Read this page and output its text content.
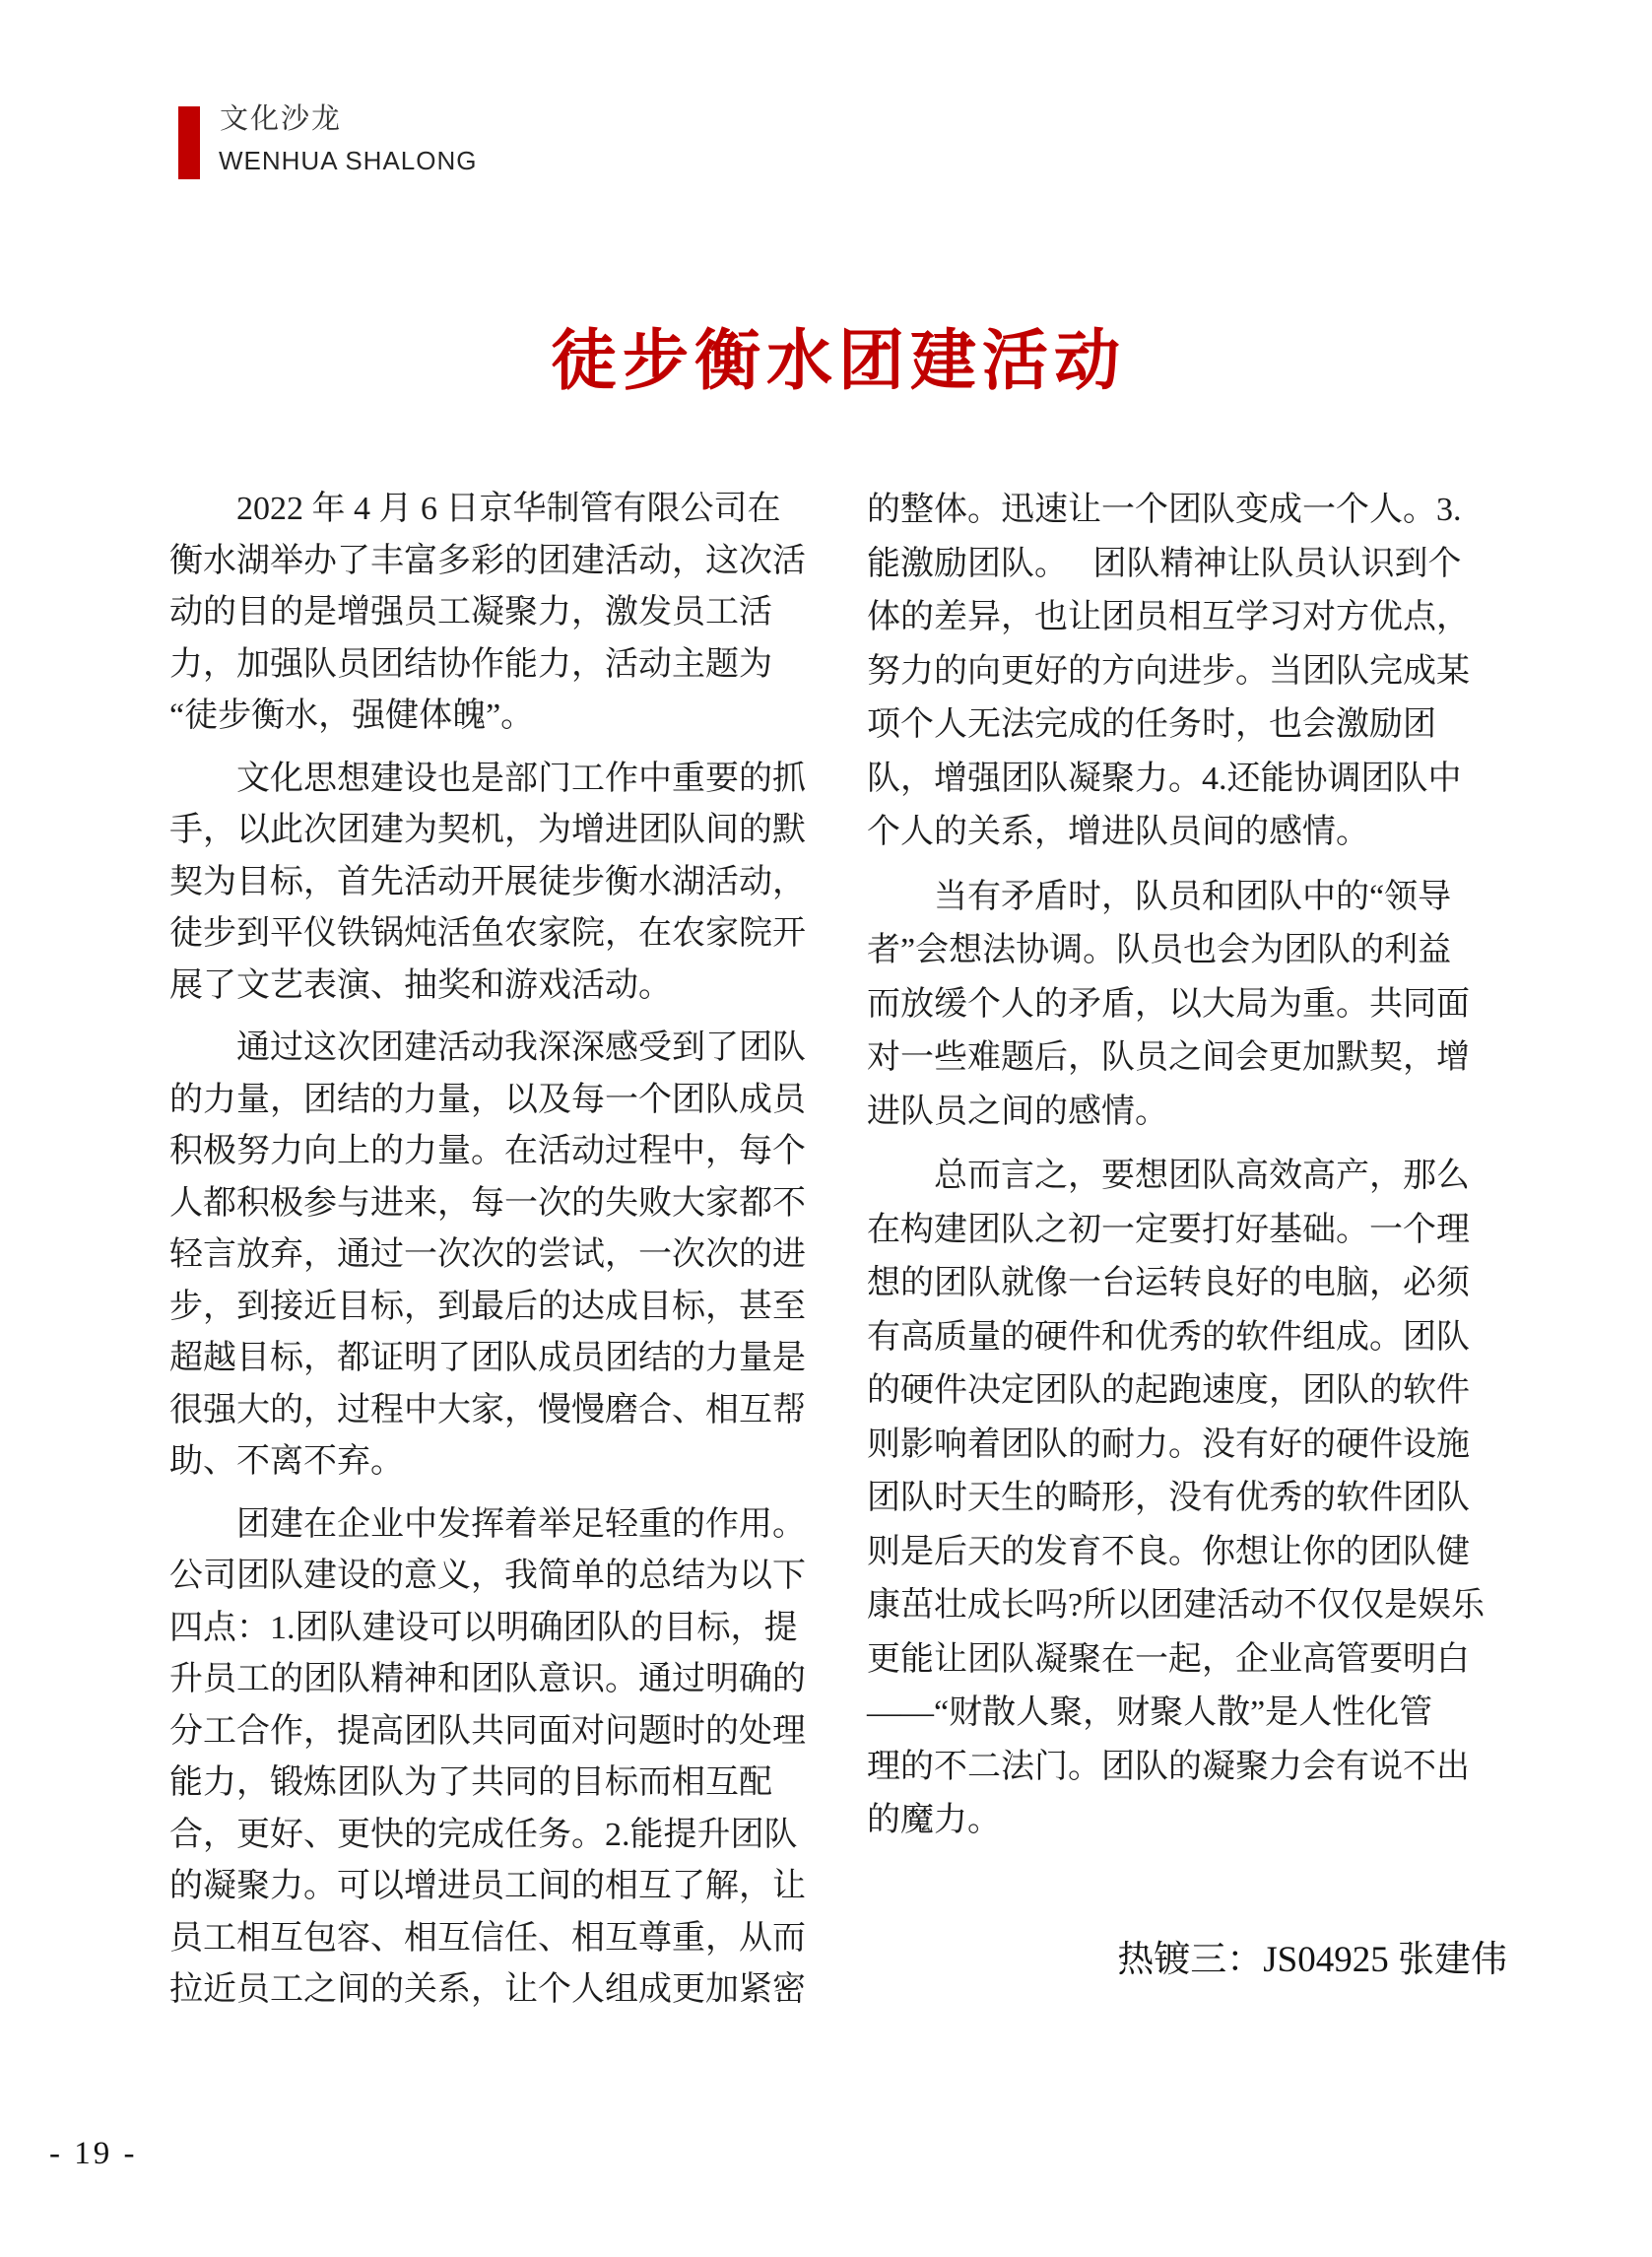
文化沙龙
WENHUA SHALONG
徒步衡水团建活动
　　2022 年 4 月 6 日京华制管有限公司在
衡水湖举办了丰富多彩的团建活动，这次活
动的目的是增强员工凝聚力，激发员工活
力，加强队员团结协作能力，活动主题为
“徒步衡水，强健体魄”。
　　文化思想建设也是部门工作中重要的抓
手，以此次团建为契机，为增进团队间的默
契为目标，首先活动开展徒步衡水湖活动，
徒步到平仪铁锅炖活鱼农家院，在农家院开
展了文艺表演、抽奖和游戏活动。
　　通过这次团建活动我深深感受到了团队
的力量，团结的力量，以及每一个团队成员
积极努力向上的力量。在活动过程中，每个
人都积极参与进来，每一次的失败大家都不
轻言放弃，通过一次次的尝试，一次次的进
步，到接近目标，到最后的达成目标，甚至
超越目标，都证明了团队成员团结的力量是
很强大的，过程中大家，慢慢磨合、相互帮
助、不离不弃。
　　团建在企业中发挥着举足轻重的作用。
公司团队建设的意义，我简单的总结为以下
四点：1.团队建设可以明确团队的目标，提
升员工的团队精神和团队意识。通过明确的
分工合作，提高团队共同面对问题时的处理
能力，锻炼团队为了共同的目标而相互配
合，更好、更快的完成任务。2.能提升团队
的凝聚力。可以增进员工间的相互了解，让
员工相互包容、相互信任、相互尊重，从而
拉近员工之间的关系，让个人组成更加紧密
的整体。迅速让一个团队变成一个人。3.
能激励团队。　 团队精神让队员认识到个
体的差异，也让团员相互学习对方优点，
努力的向更好的方向进步。当团队完成某
项个人无法完成的任务时，也会激励团
队，增强团队凝聚力。4.还能协调团队中
个人的关系，增进队员间的感情。
　　当有矛盾时，队员和团队中的“领导
者”会想法协调。队员也会为团队的利益
而放缓个人的矛盾，以大局为重。共同面
对一些难题后，队员之间会更加默契，增
进队员之间的感情。
　　总而言之，要想团队高效高产，那么
在构建团队之初一定要打好基础。一个理
想的团队就像一台运转良好的电脑，必须
有高质量的硬件和优秀的软件组成。团队
的硬件决定团队的起跑速度，团队的软件
则影响着团队的耐力。没有好的硬件设施
团队时天生的畸形，没有优秀的软件团队
则是后天的发育不良。你想让你的团队健
康茁壮成长吗?所以团建活动不仅仅是娱乐
更能让团队凝聚在一起，企业高管要明白
——“财散人聚，财聚人散”是人性化管
理的不二法门。团队的凝聚力会有说不出
的魔力。
热镀三：JS04925 张建伟
- 19 -
